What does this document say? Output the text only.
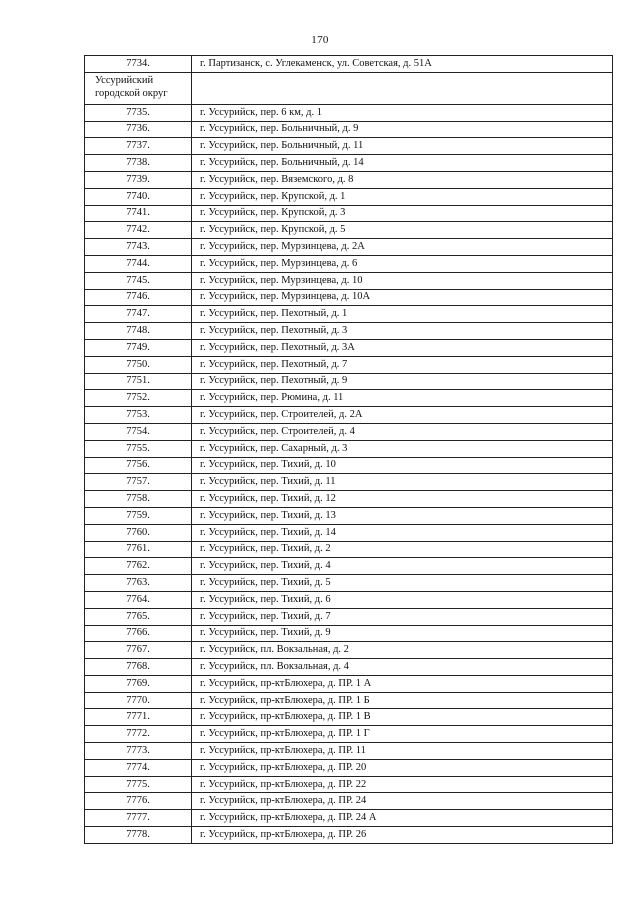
170
7734.	г. Партизанск, с. Углекаменск, ул. Советская, д. 51А
Уссурийский городской округ	
7735.	г. Уссурийск, пер. 6 км, д. 1
7736.	г. Уссурийск, пер. Больничный, д. 9
7737.	г. Уссурийск, пер. Больничный, д. 11
7738.	г. Уссурийск, пер. Больничный, д. 14
7739.	г. Уссурийск, пер. Вяземского, д. 8
7740.	г. Уссурийск, пер. Крупской, д. 1
7741.	г. Уссурийск, пер. Крупской, д. 3
7742.	г. Уссурийск, пер. Крупской, д. 5
7743.	г. Уссурийск, пер. Мурзинцева, д. 2А
7744.	г. Уссурийск, пер. Мурзинцева, д. 6
7745.	г. Уссурийск, пер. Мурзинцева, д. 10
7746.	г. Уссурийск, пер. Мурзинцева, д. 10А
7747.	г. Уссурийск, пер. Пехотный, д. 1
7748.	г. Уссурийск, пер. Пехотный, д. 3
7749.	г. Уссурийск, пер. Пехотный, д. 3А
7750.	г. Уссурийск, пер. Пехотный, д. 7
7751.	г. Уссурийск, пер. Пехотный, д. 9
7752.	г. Уссурийск, пер. Рюмина, д. 11
7753.	г. Уссурийск, пер. Строителей, д. 2А
7754.	г. Уссурийск, пер. Строителей, д. 4
7755.	г. Уссурийск, пер. Сахарный, д. 3
7756.	г. Уссурийск, пер. Тихий, д. 10
7757.	г. Уссурийск, пер. Тихий, д. 11
7758.	г. Уссурийск, пер. Тихий, д. 12
7759.	г. Уссурийск, пер. Тихий, д. 13
7760.	г. Уссурийск, пер. Тихий, д. 14
7761.	г. Уссурийск, пер. Тихий, д. 2
7762.	г. Уссурийск, пер. Тихий, д. 4
7763.	г. Уссурийск, пер. Тихий, д. 5
7764.	г. Уссурийск, пер. Тихий, д. 6
7765.	г. Уссурийск, пер. Тихий, д. 7
7766.	г. Уссурийск, пер. Тихий, д. 9
7767.	г. Уссурийск, пл. Вокзальная, д. 2
7768.	г. Уссурийск, пл. Вокзальная, д. 4
7769.	г. Уссурийск, пр-ктБлюхера, д. ПР. 1 А
7770.	г. Уссурийск, пр-ктБлюхера, д. ПР. 1 Б
7771.	г. Уссурийск, пр-ктБлюхера, д. ПР. 1 В
7772.	г. Уссурийск, пр-ктБлюхера, д. ПР. 1 Г
7773.	г. Уссурийск, пр-ктБлюхера, д. ПР. 11
7774.	г. Уссурийск, пр-ктБлюхера, д. ПР. 20
7775.	г. Уссурийск, пр-ктБлюхера, д. ПР. 22
7776.	г. Уссурийск, пр-ктБлюхера, д. ПР. 24
7777.	г. Уссурийск, пр-ктБлюхера, д. ПР. 24 А
7778.	г. Уссурийск, пр-ктБлюхера, д. ПР. 26
